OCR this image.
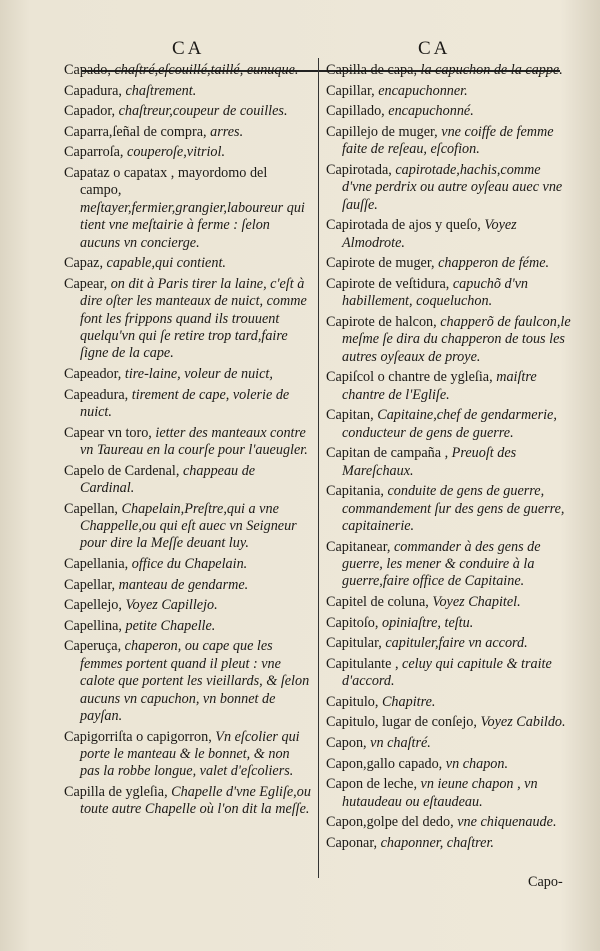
CA	CA

Capado, chaſtré,eſcouillé,taillé, eunuque.

Capadura, chaſtrement.

Capador, chaſtreur,coupeur de couilles.

Caparra,ſeñal de compra, arres.

Caparroſa, couperoſe,vitriol.

Capataz o capatax , mayordomo del campo, meſtayer,fermier,grangier,laboureur qui tient vne meſtairie à ferme : ſelon aucuns vn concierge.

Capaz, capable,qui contient.

Capear, on dit à Paris tirer la laine, c'eſt à dire oſter les manteaux de nuict, comme font les frippons quand ils trouuent quelqu'vn qui ſe retire trop tard,faire ſigne de la cape.

Capeador, tire-laine, voleur de nuict,

Capeadura, tirement de cape, volerie de nuict.

Capear vn toro, ietter des manteaux contre vn Taureau en la courſe pour l'aueugler.

Capelo de Cardenal, chappeau de Cardinal.

Capellan, Chapelain,Preſtre,qui a vne Chappelle,ou qui eſt auec vn Seigneur pour dire la Meſſe deuant luy.

Capellania, office du Chapelain.

Capellar, manteau de gendarme.

Capellejo, Voyez Capillejo.

Capellina, petite Chapelle.

Caperuça, chaperon, ou cape que les femmes portent quand il pleut : vne calote que portent les vieillards, & ſelon aucuns vn capuchon, vn bonnet de payſan.

Capigorriſta o capigorron, Vn eſcolier qui porte le manteau & le bonnet, & non pas la robbe longue, valet d'eſcoliers.

Capilla de ygleſia, Chapelle d'vne Egliſe,ou toute autre Chapelle où l'on dit la meſſe.

Capilla de capa, la capuchon de la cappe.

Capillar, encapuchonner.

Capillado, encapuchonné.

Capillejo de muger, vne coiffe de femme faite de reſeau, eſcofion.

Capirotada, capirotade,hachis,comme d'vne perdrix ou autre oyſeau auec vne ſauſſe.

Capirotada de ajos y queſo, Voyez Almodrote.

Capirote de muger, chapperon de féme.

Capirote de veſtidura, capuchõ d'vn habillement, coqueluchon.

Capirote de halcon, chapperõ de faulcon,le meſme ſe dira du chapperon de tous les autres oyſeaux de proye.

Capiſcol o chantre de ygleſia, maiſtre chantre de l'Egliſe.

Capitan, Capitaine,chef de gendarmerie, conducteur de gens de guerre.

Capitan de campaña , Preuoſt des Mareſchaux.

Capitania, conduite de gens de guerre, commandement ſur des gens de guerre, capitainerie.

Capitanear, commander à des gens de guerre, les mener & conduire à la guerre,faire office de Capitaine.

Capitel de coluna, Voyez Chapitel.

Capitoſo, opiniaſtre, teſtu.

Capitular, capituler,faire vn accord.

Capitulante , celuy qui capitule & traite d'accord.

Capitulo, Chapitre.

Capitulo, lugar de conſejo, Voyez Cabildo.

Capon, vn chaſtré.

Capon,gallo capado, vn chapon.

Capon de leche, vn ieune chapon , vn hutaudeau ou eſtaudeau.

Capon,golpe del dedo, vne chiquenaude.

Caponar, chaponner, chaſtrer.

Capo-
